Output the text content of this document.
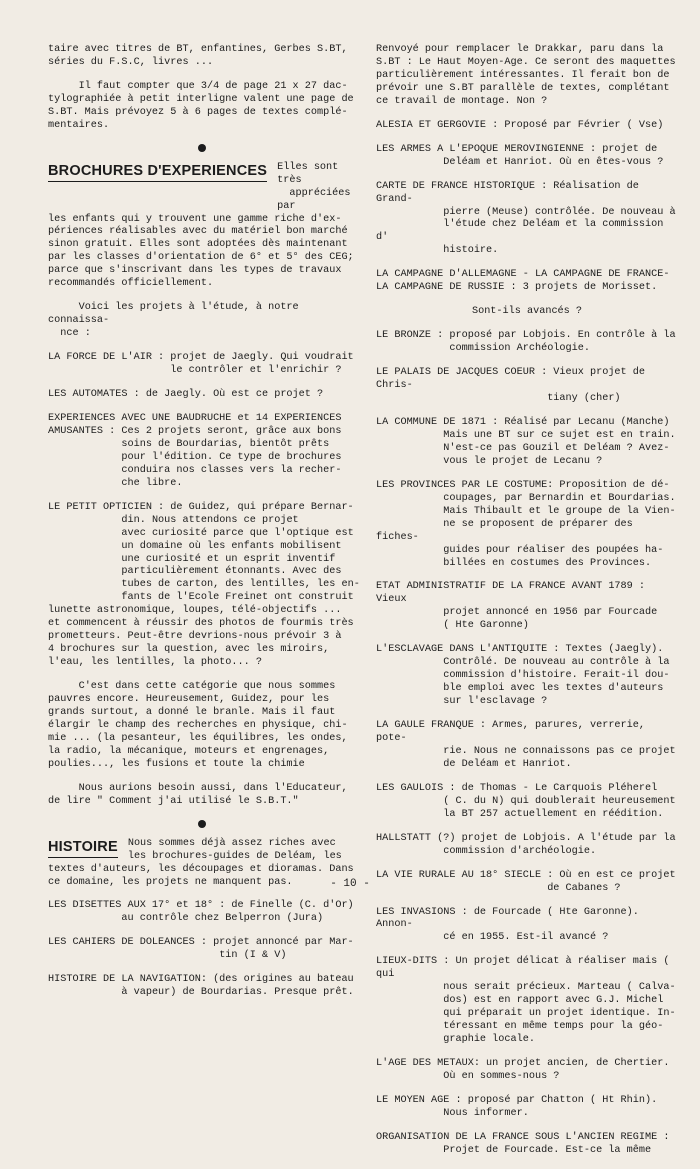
taire avec titres de BT, enfantines, Gerbes S.BT,
séries du F.S.C, livres ...

Il faut compter que 3/4 de page 21 x 27 dac-
tylographiée à petit interligne valent une page de
S.BT. Mais prévoyez 5 à 6 pages de textes complé-
mentaires.

BROCHURES D'EXPERIENCES Elles sont très
appréciées par

les enfants qui y trouvent une gamme riche d'ex-
périences réalisables avec du matériel bon marché
sinon gratuit. Elles sont adoptées dès maintenant
par les classes d'orientation de 6° et 5° des CEG;
parce que s'inscrivant dans les types de travaux
recommandés officiellement.

Voici les projets à l'étude, à notre connaissa-
nce :

LA FORCE DE L'AIR : projet de Jaegly. Qui voudrait
le contrôler et l'enrichir ?

LES AUTOMATES : de Jaegly. Où est ce projet ?

EXPERIENCES AVEC UNE BAUDRUCHE et 14 EXPERIENCES
AMUSANTES : Ces 2 projets seront, grâce aux bons
soins de Bourdarias, bientôt prêts
pour l'édition. Ce type de brochures
conduira nos classes vers la recher-
che libre.

LE PETIT OPTICIEN : de Guidez, qui prépare Bernar-
din. Nous attendons ce projet
avec curiosité parce que l'optique est
un domaine où les enfants mobilisent
une curiosité et un esprit inventif
particulièrement étonnants. Avec des
tubes de carton, des lentilles, les en-
fants de l'Ecole Freinet ont construit
lunette astronomique, loupes, télé-objectifs ...
et commencent à réussir des photos de fourmis très
prometteurs. Peut-être devrions-nous prévoir 3 à
4 brochures sur la question, avec les miroirs,
l'eau, les lentilles, la photo... ?

C'est dans cette catégorie que nous sommes
pauvres encore. Heureusement, Guidez, pour les
grands surtout, a donné le branle. Mais il faut
élargir le champ des recherches en physique, chi-
mie ... (la pesanteur, les équilibres, les ondes,
la radio, la mécanique, moteurs et engrenages,
poulies..., les fusions et toute la chimie

Nous aurions besoin aussi, dans l'Educateur,
de lire " Comment j'ai utilisé le S.B.T."

HISTOIRE Nous sommes déjà assez riches avec
les brochures-guides de Deléam, les

textes d'auteurs, les découpages et dioramas. Dans
ce domaine, les projets ne manquent pas.

LES DISETTES AUX 17° et 18° : de Finelle (C. d'Or)
au contrôle chez Belperron (Jura)

LES CAHIERS DE DOLEANCES : projet annoncé par Mar-
tin (I & V)

HISTOIRE DE LA NAVIGATION: (des origines au bateau
à vapeur) de Bourdarias. Presque prêt.

Renvoyé pour remplacer le Drakkar, paru dans la
S.BT : Le Haut Moyen-Age. Ce seront des maquettes
particulièrement intéressantes. Il ferait bon de
prévoir une S.BT parallèle de textes, complétant
ce travail de montage. Non ?

ALESIA ET GERGOVIE : Proposé par Février ( Vse)

LES ARMES A L'EPOQUE MEROVINGIENNE : projet de
Deléam et Hanriot. Où en êtes-vous ?

CARTE DE FRANCE HISTORIQUE : Réalisation de Grand-
pierre (Meuse) contrôlée. De nouveau à
l'étude chez Deléam et la commission d'
histoire.

LA CAMPAGNE D'ALLEMAGNE - LA CAMPAGNE DE FRANCE-
LA CAMPAGNE DE RUSSIE : 3 projets de Morisset.

Sont-ils avancés ?

LE BRONZE : proposé par Lobjois. En contrôle à la
commission Archéologie.

LE PALAIS DE JACQUES COEUR : Vieux projet de Chris-
tiany (cher)

LA COMMUNE DE 1871 : Réalisé par Lecanu (Manche)
Mais une BT sur ce sujet est en train.
N'est-ce pas Gouzil et Deléam ? Avez-
vous le projet de Lecanu ?

LES PROVINCES PAR LE COSTUME: Proposition de dé-
coupages, par Bernardin et Bourdarias.
Mais Thibault et le groupe de la Vien-
ne se proposent de préparer des fiches-
guides pour réaliser des poupées ha-
billées en costumes des Provinces.

ETAT ADMINISTRATIF DE LA FRANCE AVANT 1789 : Vieux
projet annoncé en 1956 par Fourcade
( Hte Garonne)

L'ESCLAVAGE DANS L'ANTIQUITE : Textes (Jaegly).
Contrôlé. De nouveau au contrôle à la
commission d'histoire. Ferait-il dou-
ble emploi avec les textes d'auteurs
sur l'esclavage ?

LA GAULE FRANQUE : Armes, parures, verrerie, pote-
rie. Nous ne connaissons pas ce projet
de Deléam et Hanriot.

LES GAULOIS : de Thomas - Le Carquois Pléherel
( C. du N) qui doublerait heureusement
la BT 257 actuellement en réédition.

HALLSTATT (?) projet de Lobjois. A l'étude par la
commission d'archéologie.

LA VIE RURALE AU 18° SIECLE : Où en est ce projet
de Cabanes ?

LES INVASIONS : de Fourcade ( Hte Garonne). Annon-
cé en 1955. Est-il avancé ?

LIEUX-DITS : Un projet délicat à réaliser mais ( qui
nous serait précieux. Marteau ( Calva-
dos) est en rapport avec G.J. Michel
qui préparait un projet identique. In-
téressant en même temps pour la géo-
graphie locale.

L'AGE DES METAUX: un projet ancien, de Chertier.
Où en sommes-nous ?

LE MOYEN AGE : proposé par Chatton ( Ht Rhin).
Nous informer.

ORGANISATION DE LA FRANCE SOUS L'ANCIEN REGIME :
Projet de Fourcade. Est-ce la même

- 10 -
